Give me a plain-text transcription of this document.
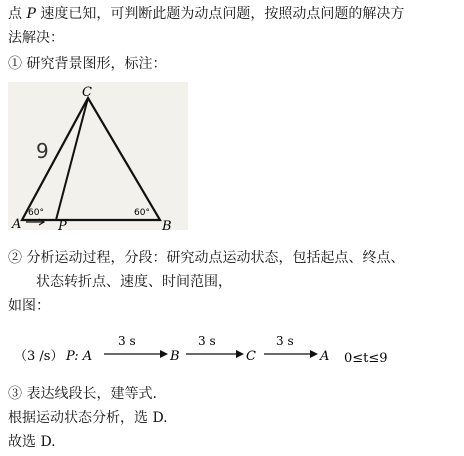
点 P 速度已知，可判断此题为动点问题，按照动点问题的解决方
法解决：
① 研究背景图形，标注：
C
9
60°	60°
A	P	B
② 分析运动过程，分段：研究动点运动状态，包括起点、终点、
状态转折点、速度、时间范围，
如图：
（3 /s） P: A
3 s
B
3 s
C
3 s
A 0≤t≤9
③ 表达线段长，建等式.
根据运动状态分析，选 D.
故选 D.
